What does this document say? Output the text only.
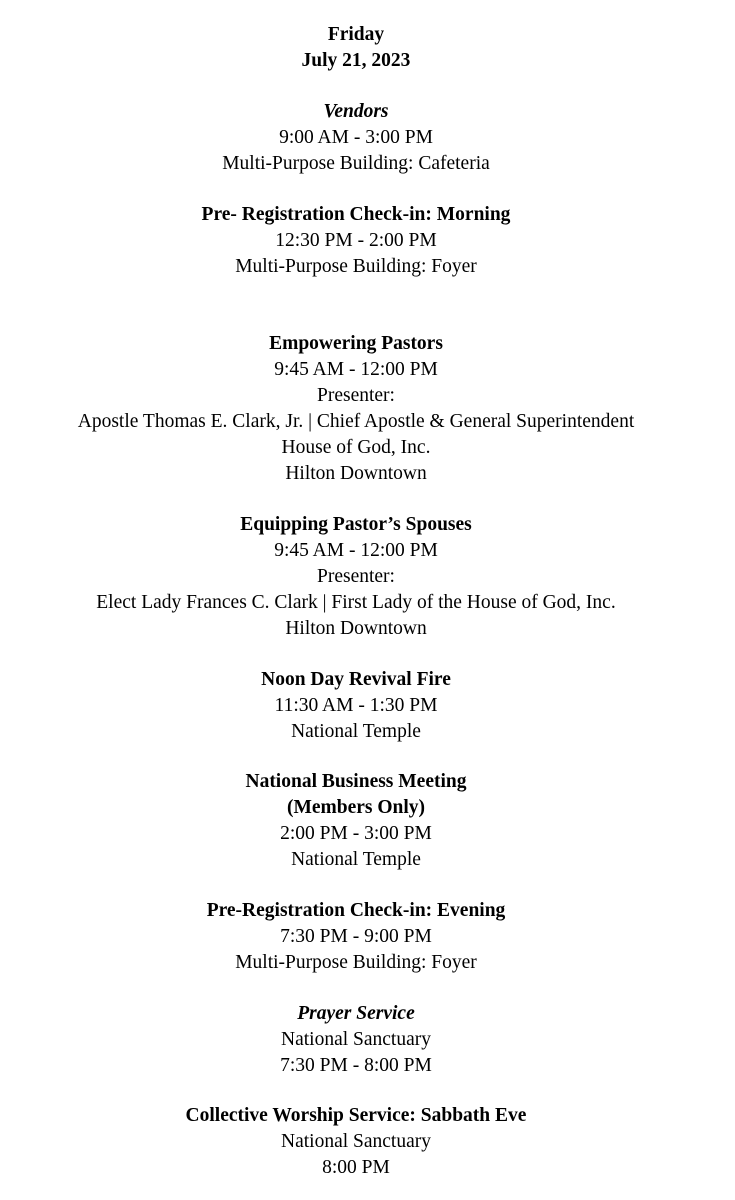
Friday
July 21, 2023
Vendors
9:00 AM - 3:00 PM
Multi-Purpose Building: Cafeteria
Pre- Registration Check-in: Morning
12:30 PM - 2:00 PM
Multi-Purpose Building: Foyer
Empowering Pastors
9:45 AM - 12:00 PM
Presenter:
Apostle Thomas E. Clark, Jr. | Chief Apostle & General Superintendent
House of God, Inc.
Hilton Downtown
Equipping Pastor’s Spouses
9:45 AM - 12:00 PM
Presenter:
Elect Lady Frances C. Clark | First Lady of the House of God, Inc.
Hilton Downtown
Noon Day Revival Fire
11:30 AM - 1:30 PM
National Temple
National Business Meeting
(Members Only)
2:00 PM - 3:00 PM
National Temple
Pre-Registration Check-in: Evening
7:30 PM - 9:00 PM
Multi-Purpose Building: Foyer
Prayer Service
National Sanctuary
7:30 PM - 8:00 PM
Collective Worship Service: Sabbath Eve
National Sanctuary
8:00 PM
